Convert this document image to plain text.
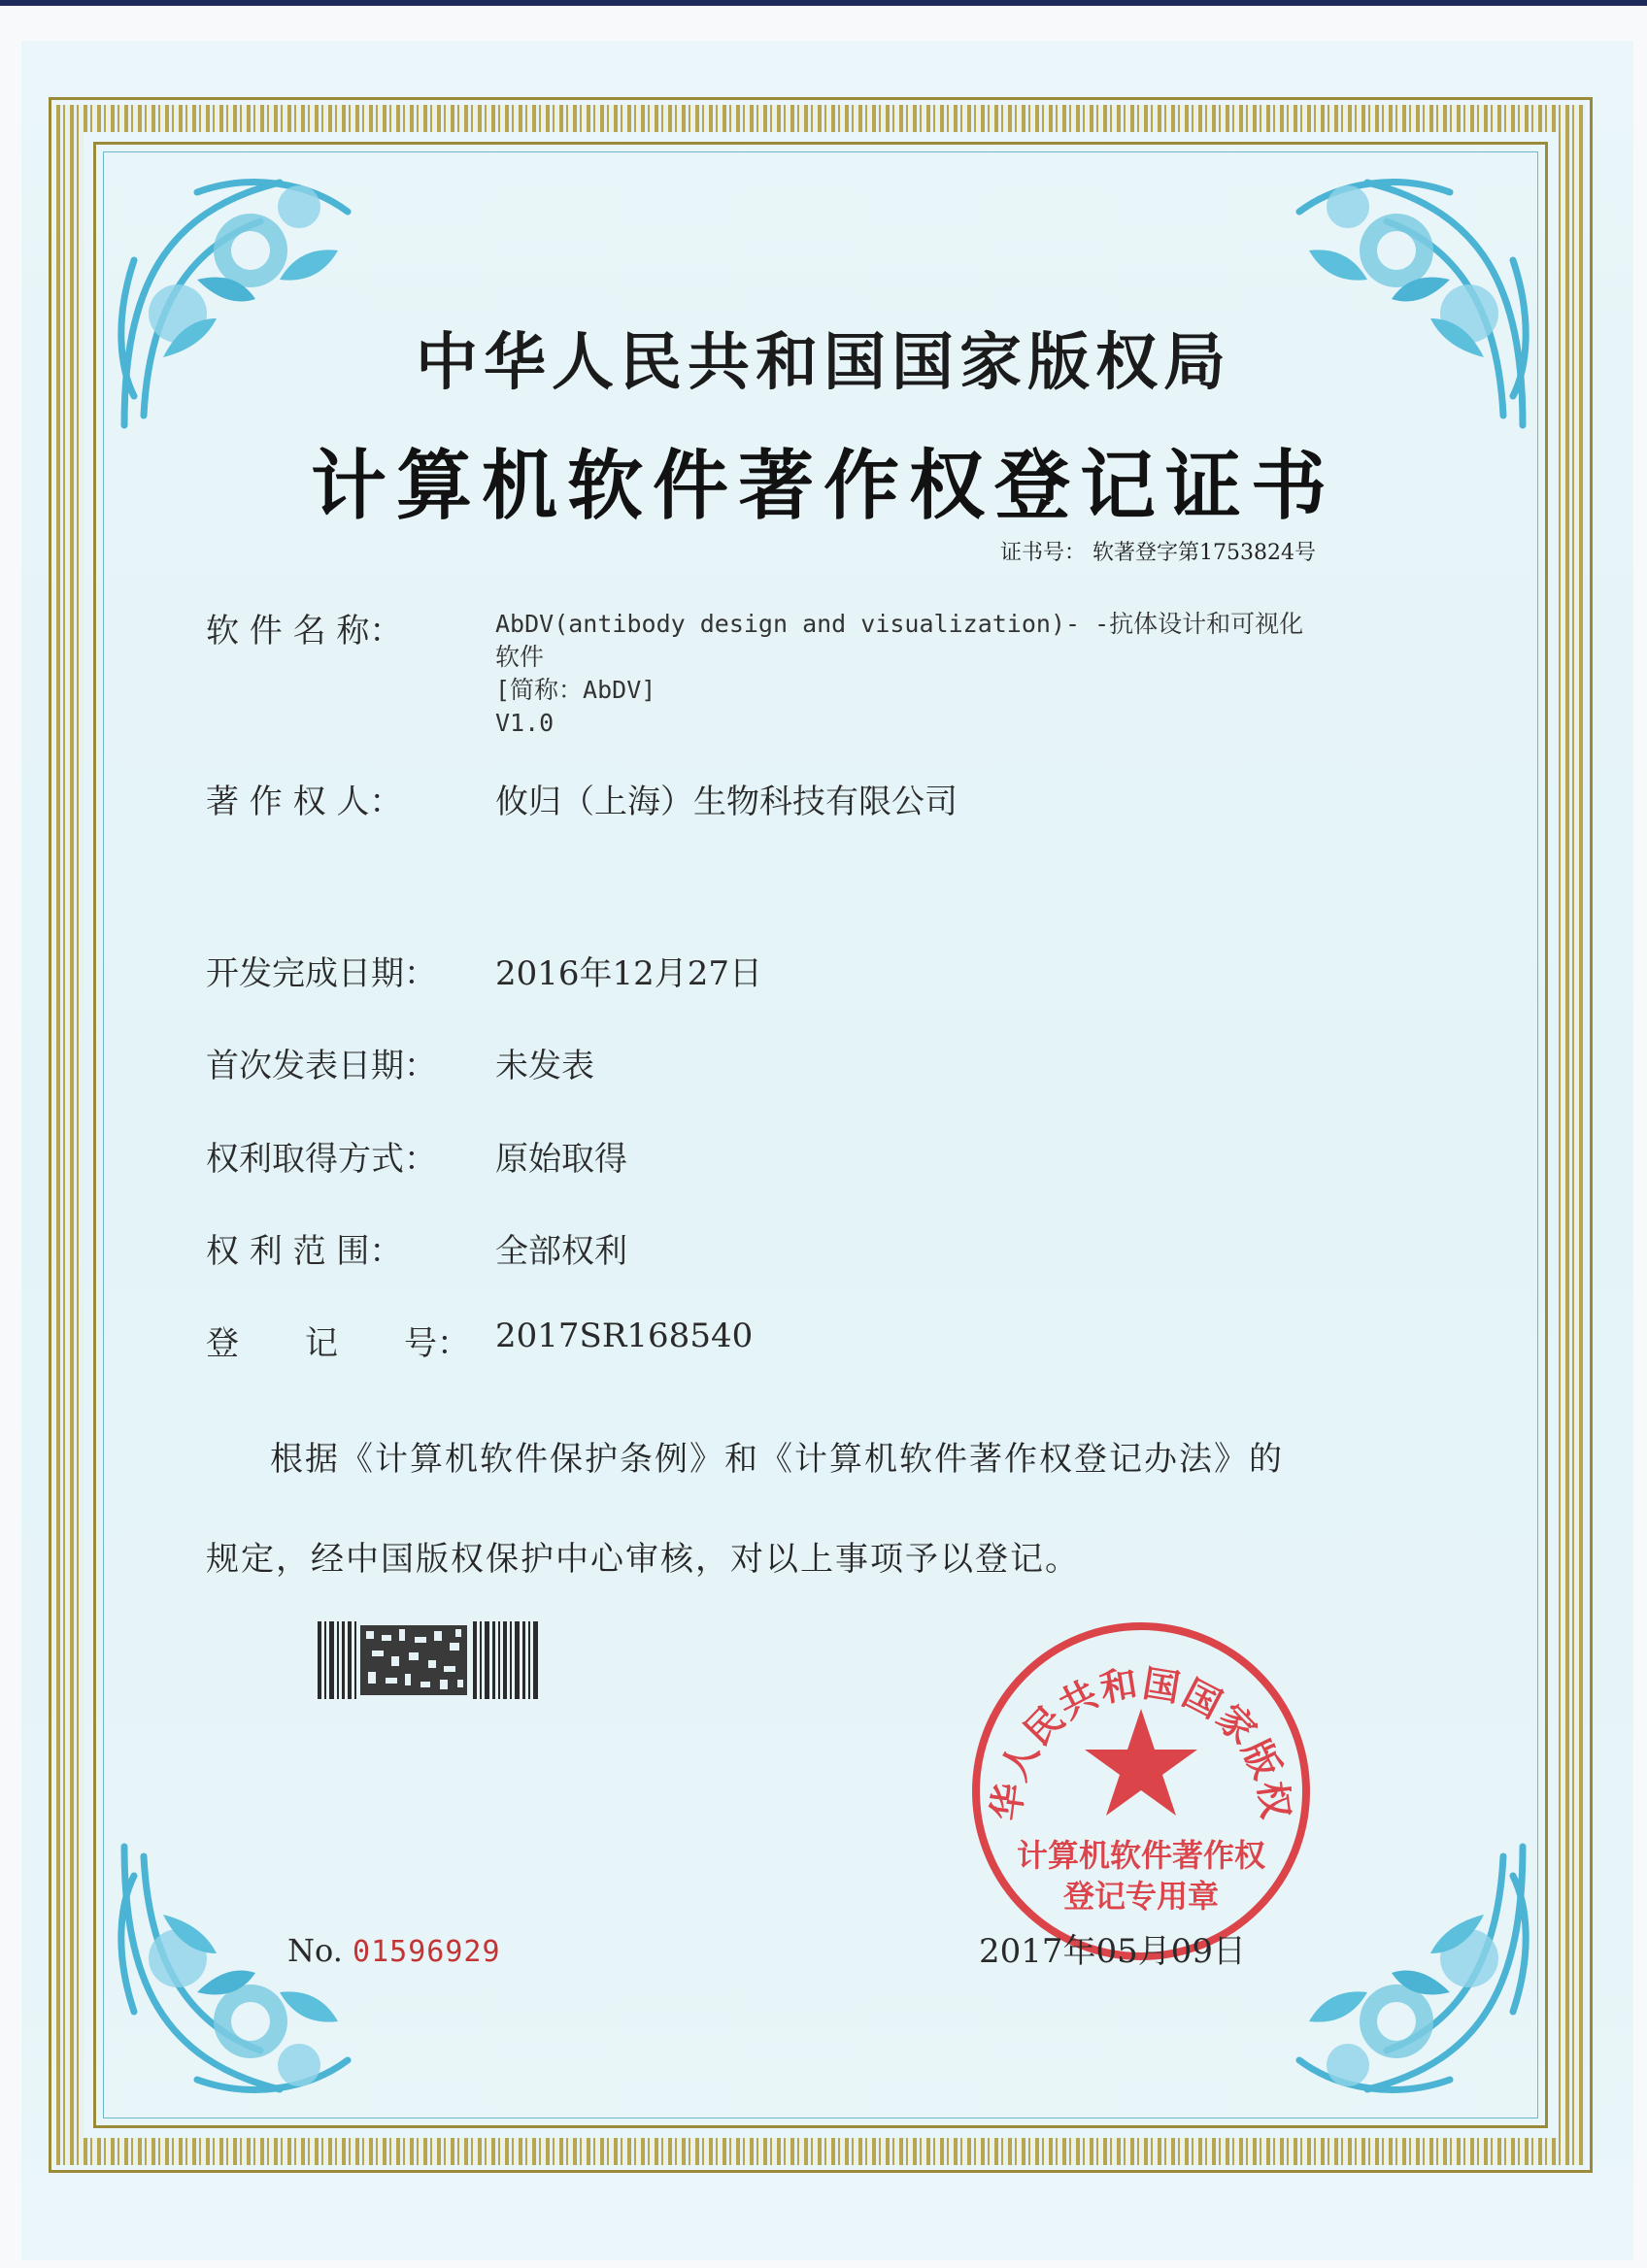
中华人民共和国国家版权局
计算机软件著作权登记证书
证书号： 软著登字第1753824号
软 件 名 称：	AbDV(antibody design and visualization)- -抗体设计和可视化
软件
[简称：AbDV]
V1.0
著 作 权 人：	攸归（上海）生物科技有限公司
开发完成日期： 2016年12月27日
首次发表日期： 未发表
权利取得方式： 原始取得
权 利 范 围：	全部权利
登　　记　　号： 2017SR168540
根据《计算机软件保护条例》和《计算机软件著作权登记办法》的
规定，经中国版权保护中心审核，对以上事项予以登记。
No. 01596929
华人民共和国国家版权
计算机软件著作权
登记专用章
2017年05月09日
